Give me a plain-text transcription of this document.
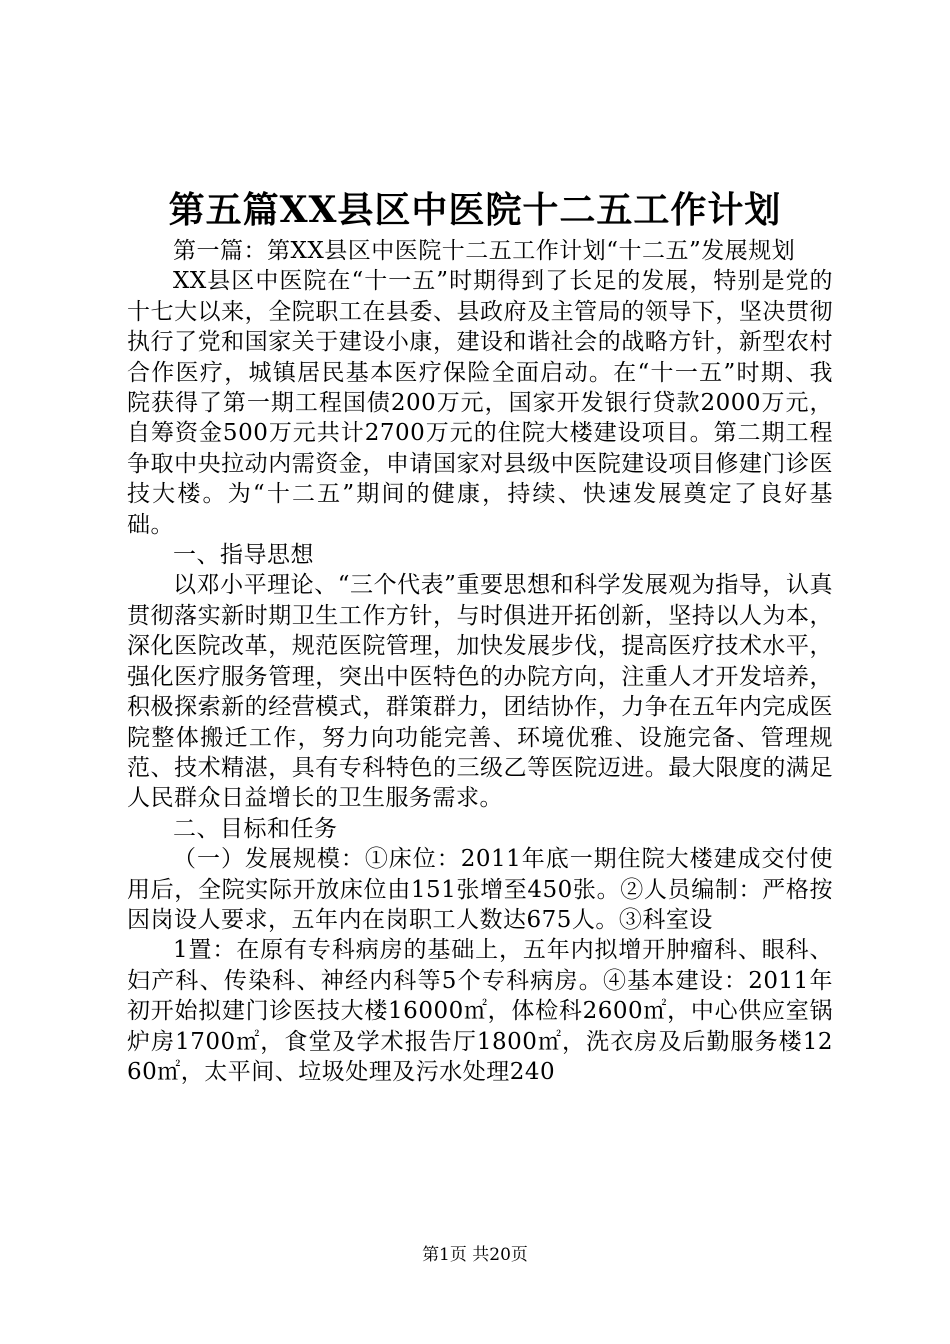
第五篇XX县区中医院十二五工作计划

第一篇：第XX县区中医院十二五工作计划“十二五”发展规划

XX县区中医院在“十一五”时期得到了长足的发展，特别是党的十七大以来，全院职工在县委、县政府及主管局的领导下，坚决贯彻执行了党和国家关于建设小康，建设和谐社会的战略方针，新型农村合作医疗，城镇居民基本医疗保险全面启动。在“十一五”时期、我院获得了第一期工程国债200万元，国家开发银行贷款2000万元，自筹资金500万元共计2700万元的住院大楼建设项目。第二期工程争取中央拉动内需资金，申请国家对县级中医院建设项目修建门诊医技大楼。为“十二五”期间的健康，持续、快速发展奠定了良好基础。

一、指导思想

以邓小平理论、“三个代表”重要思想和科学发展观为指导，认真贯彻落实新时期卫生工作方针，与时俱进开拓创新，坚持以人为本，深化医院改革，规范医院管理，加快发展步伐，提高医疗技术水平，强化医疗服务管理，突出中医特色的办院方向，注重人才开发培养，积极探索新的经营模式，群策群力，团结协作，力争在五年内完成医院整体搬迁工作，努力向功能完善、环境优雅、设施完备、管理规范、技术精湛，具有专科特色的三级乙等医院迈进。最大限度的满足人民群众日益增长的卫生服务需求。

二、目标和任务

（一）发展规模：①床位：2011年底一期住院大楼建成交付使用后，全院实际开放床位由151张增至450张。②人员编制：严格按因岗设人要求，五年内在岗职工人数达675人。③科室设

1置：在原有专科病房的基础上，五年内拟增开肿瘤科、眼科、妇产科、传染科、神经内科等5个专科病房。④基本建设：2011年初开始拟建门诊医技大楼16000㎡，体检科2600㎡，中心供应室锅炉房1700㎡，食堂及学术报告厅1800㎡，洗衣房及后勤服务楼1260㎡，太平间、垃圾处理及污水处理240

第1页 共20页
